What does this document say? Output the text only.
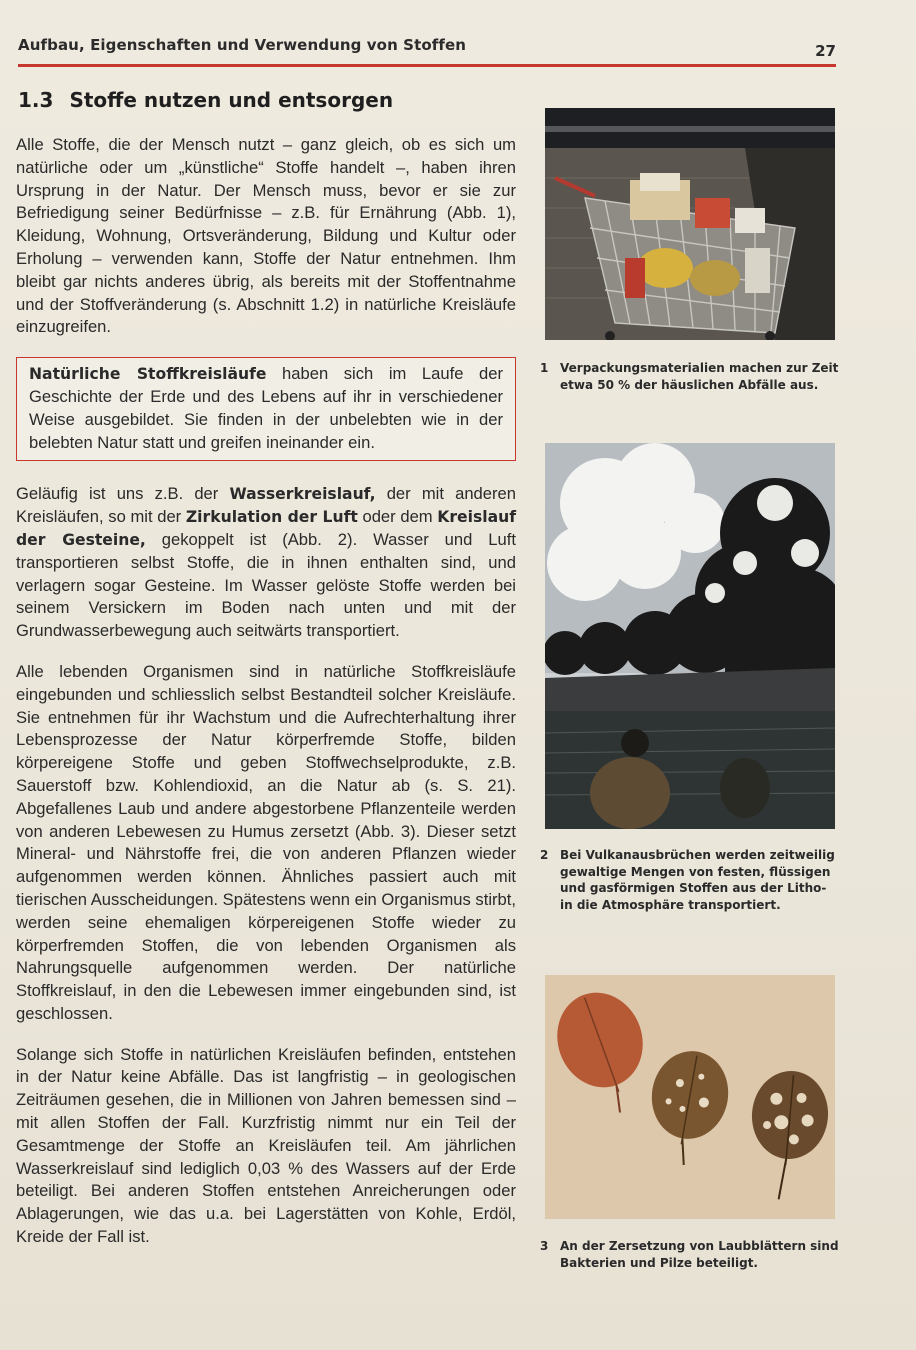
Aufbau, Eigenschaften und Verwendung von Stoffen	27
1.3 Stoffe nutzen und entsorgen

Alle Stoffe, die der Mensch nutzt – ganz gleich, ob es sich um natürliche oder um „künstliche“ Stoffe handelt –, haben ihren Ursprung in der Natur. Der Mensch muss, bevor er sie zur Befriedigung seiner Bedürfnisse – z.B. für Ernährung (Abb. 1), Kleidung, Wohnung, Ortsveränderung, Bildung und Kultur oder Erholung – verwenden kann, Stoffe der Natur entnehmen. Ihm bleibt gar nichts anderes übrig, als bereits mit der Stoffentnahme und der Stoffveränderung (s. Abschnitt 1.2) in natürliche Kreisläufe einzugreifen.

Natürliche Stoffkreisläufe haben sich im Laufe der Geschichte der Erde und des Lebens auf ihr in verschiedener Weise ausgebildet. Sie finden in der unbelebten wie in der belebten Natur statt und greifen ineinander ein.

Geläufig ist uns z.B. der Wasserkreislauf, der mit anderen Kreisläufen, so mit der Zirkulation der Luft oder dem Kreislauf der Gesteine, gekoppelt ist (Abb. 2). Wasser und Luft transportieren selbst Stoffe, die in ihnen enthalten sind, und verlagern sogar Gesteine. Im Wasser gelöste Stoffe werden bei seinem Versickern im Boden nach unten und mit der Grundwasserbewegung auch seitwärts transportiert.

Alle lebenden Organismen sind in natürliche Stoffkreisläufe eingebunden und schliesslich selbst Bestandteil solcher Kreisläufe. Sie entnehmen für ihr Wachstum und die Aufrechterhaltung ihrer Lebensprozesse der Natur körperfremde Stoffe, bilden körpereigene Stoffe und geben Stoffwechselprodukte, z.B. Sauerstoff bzw. Kohlendioxid, an die Natur ab (s. S. 21). Abgefallenes Laub und andere abgestorbene Pflanzenteile werden von anderen Lebewesen zu Humus zersetzt (Abb. 3). Dieser setzt Mineral- und Nährstoffe frei, die von anderen Pflanzen wieder aufgenommen werden können. Ähnliches passiert auch mit tierischen Ausscheidungen. Spätestens wenn ein Organismus stirbt, werden seine ehemaligen körpereigenen Stoffe wieder zu körperfremden Stoffen, die von lebenden Organismen als Nahrungsquelle aufgenommen werden. Der natürliche Stoffkreislauf, in den die Lebewesen immer eingebunden sind, ist geschlossen.

Solange sich Stoffe in natürlichen Kreisläufen befinden, entstehen in der Natur keine Abfälle. Das ist langfristig – in geologischen Zeiträumen gesehen, die in Millionen von Jahren bemessen sind – mit allen Stoffen der Fall. Kurzfristig nimmt nur ein Teil der Gesamtmenge der Stoffe an Kreisläufen teil. Am jährlichen Wasserkreislauf sind lediglich 0,03 % des Wassers auf der Erde beteiligt. Bei anderen Stoffen entstehen Anreicherungen oder Ablagerungen, wie das u.a. bei Lagerstätten von Kohle, Erdöl, Kreide der Fall ist.

1 Verpackungsmaterialien machen zur Zeit etwa 50 % der häuslichen Abfälle aus.
2 Bei Vulkanausbrüchen werden zeitweilig gewaltige Mengen von festen, flüssigen und gasförmigen Stoffen aus der Litho- in die Atmosphäre transportiert.
3 An der Zersetzung von Laubblättern sind Bakterien und Pilze beteiligt.
